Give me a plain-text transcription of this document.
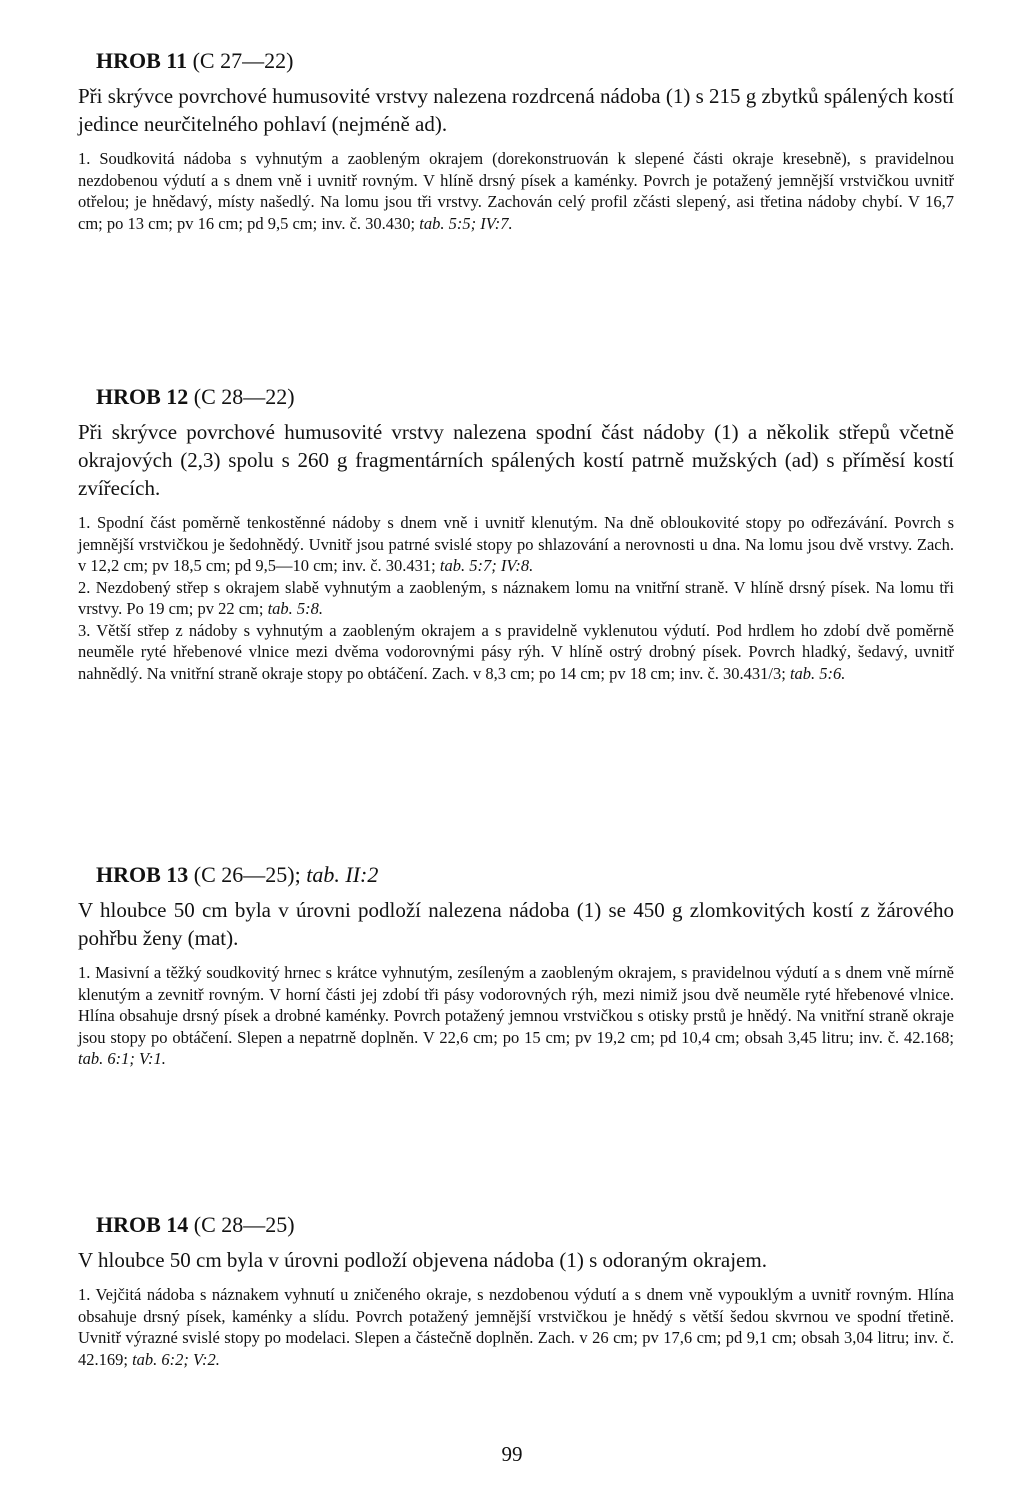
HROB 11 (C 27—22)

Při skrývce povrchové humusovité vrstvy nalezena rozdrcená nádoba (1) s 215 g zbytků spálených kostí jedince neurčitelného pohlaví (nejméně ad).

1. Soudkovitá nádoba s vyhnutým a zaobleným okrajem (dorekonstruován k slepené části okraje kresebně), s pravidelnou nezdobenou výdutí a s dnem vně i uvnitř rovným. V hlíně drsný písek a kaménky. Povrch je potažený jemnější vrstvičkou uvnitř otřelou; je hnědavý, místy našedlý. Na lomu jsou tři vrstvy. Zachován celý profil zčásti slepený, asi třetina nádoby chybí. V 16,7 cm; po 13 cm; pv 16 cm; pd 9,5 cm; inv. č. 30.430; tab. 5:5; IV:7.

HROB 12 (C 28—22)

Při skrývce povrchové humusovité vrstvy nalezena spodní část nádoby (1) a několik střepů včetně okrajových (2,3) spolu s 260 g fragmentárních spálených kostí patrně mužských (ad) s příměsí kostí zvířecích.

1. Spodní část poměrně tenkostěnné nádoby s dnem vně i uvnitř klenutým. Na dně obloukovité stopy po odřezávání. Povrch s jemnější vrstvičkou je šedohnědý. Uvnitř jsou patrné svislé stopy po shlazování a nerovnosti u dna. Na lomu jsou dvě vrstvy. Zach. v 12,2 cm; pv 18,5 cm; pd 9,5—10 cm; inv. č. 30.431; tab. 5:7; IV:8.

2. Nezdobený střep s okrajem slabě vyhnutým a zaobleným, s náznakem lomu na vnitřní straně. V hlíně drsný písek. Na lomu tři vrstvy. Po 19 cm; pv 22 cm; tab. 5:8.

3. Větší střep z nádoby s vyhnutým a zaobleným okrajem a s pravidelně vyklenutou výdutí. Pod hrdlem ho zdobí dvě poměrně neuměle ryté hřebenové vlnice mezi dvěma vodorovnými pásy rýh. V hlíně ostrý drobný písek. Povrch hladký, šedavý, uvnitř nahnědlý. Na vnitřní straně okraje stopy po obtáčení. Zach. v 8,3 cm; po 14 cm; pv 18 cm; inv. č. 30.431/3; tab. 5:6.

HROB 13 (C 26—25); tab. II:2

V hloubce 50 cm byla v úrovni podloží nalezena nádoba (1) se 450 g zlomkovitých kostí z žárového pohřbu ženy (mat).

1. Masivní a těžký soudkovitý hrnec s krátce vyhnutým, zesíleným a zaobleným okrajem, s pravidelnou výdutí a s dnem vně mírně klenutým a zevnitř rovným. V horní části jej zdobí tři pásy vodorovných rýh, mezi nimiž jsou dvě neuměle ryté hřebenové vlnice. Hlína obsahuje drsný písek a drobné kaménky. Povrch potažený jemnou vrstvičkou s otisky prstů je hnědý. Na vnitřní straně okraje jsou stopy po obtáčení. Slepen a nepatrně doplněn. V 22,6 cm; po 15 cm; pv 19,2 cm; pd 10,4 cm; obsah 3,45 litru; inv. č. 42.168; tab. 6:1; V:1.

HROB 14 (C 28—25)

V hloubce 50 cm byla v úrovni podloží objevena nádoba (1) s odoraným okrajem.

1. Vejčitá nádoba s náznakem vyhnutí u zničeného okraje, s nezdobenou výdutí a s dnem vně vypouklým a uvnitř rovným. Hlína obsahuje drsný písek, kaménky a slídu. Povrch potažený jemnější vrstvičkou je hnědý s větší šedou skvrnou ve spodní třetině. Uvnitř výrazné svislé stopy po modelaci. Slepen a částečně doplněn. Zach. v 26 cm; pv 17,6 cm; pd 9,1 cm; obsah 3,04 litru; inv. č. 42.169; tab. 6:2; V:2.

99
